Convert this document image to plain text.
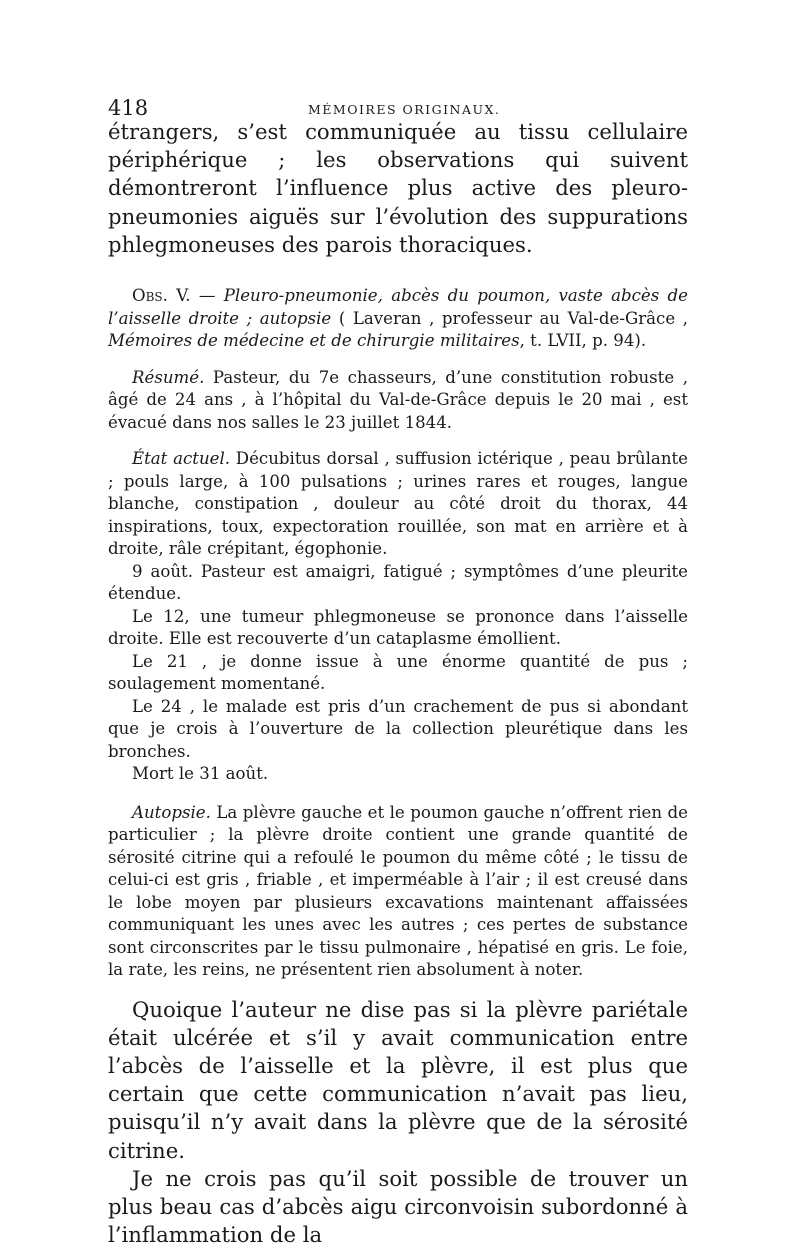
418	MÉMOIRES ORIGINAUX.

étrangers, s’est communiquée au tissu cellulaire périphérique ; les observations qui suivent démontreront l’influence plus active des pleuro-pneumonies aiguës sur l’évolution des suppurations phlegmoneuses des parois thoraciques.

Obs. V. — Pleuro-pneumonie, abcès du poumon, vaste abcès de l’aisselle droite ; autopsie ( Laveran , professeur au Val-de-Grâce , Mémoires de médecine et de chirurgie militaires, t. LVII, p. 94).

Résumé. Pasteur, du 7e chasseurs, d’une constitution robuste , âgé de 24 ans , à l’hôpital du Val-de-Grâce depuis le 20 mai , est évacué dans nos salles le 23 juillet 1844.

État actuel. Décubitus dorsal , suffusion ictérique , peau brûlante ; pouls large, à 100 pulsations ; urines rares et rouges, langue blanche, constipation , douleur au côté droit du thorax, 44 inspirations, toux, expectoration rouillée, son mat en arrière et à droite, râle crépitant, égophonie.

9 août. Pasteur est amaigri, fatigué ; symptômes d’une pleurite étendue.

Le 12, une tumeur phlegmoneuse se prononce dans l’aisselle droite. Elle est recouverte d’un cataplasme émollient.

Le 21 , je donne issue à une énorme quantité de pus ; soulagement momentané.

Le 24 , le malade est pris d’un crachement de pus si abondant que je crois à l’ouverture de la collection pleurétique dans les bronches.

Mort le 31 août.

Autopsie. La plèvre gauche et le poumon gauche n’offrent rien de particulier ; la plèvre droite contient une grande quantité de sérosité citrine qui a refoulé le poumon du même côté ; le tissu de celui-ci est gris , friable , et imperméable à l’air ; il est creusé dans le lobe moyen par plusieurs excavations maintenant affaissées communiquant les unes avec les autres ; ces pertes de substance sont circonscrites par le tissu pulmonaire , hépatisé en gris. Le foie, la rate, les reins, ne présentent rien absolument à noter.

Quoique l’auteur ne dise pas si la plèvre pariétale était ulcérée et s’il y avait communication entre l’abcès de l’aisselle et la plèvre, il est plus que certain que cette communication n’avait pas lieu, puisqu’il n’y avait dans la plèvre que de la sérosité citrine.

Je ne crois pas qu’il soit possible de trouver un plus beau cas d’abcès aigu circonvoisin subordonné à l’inflammation de la
